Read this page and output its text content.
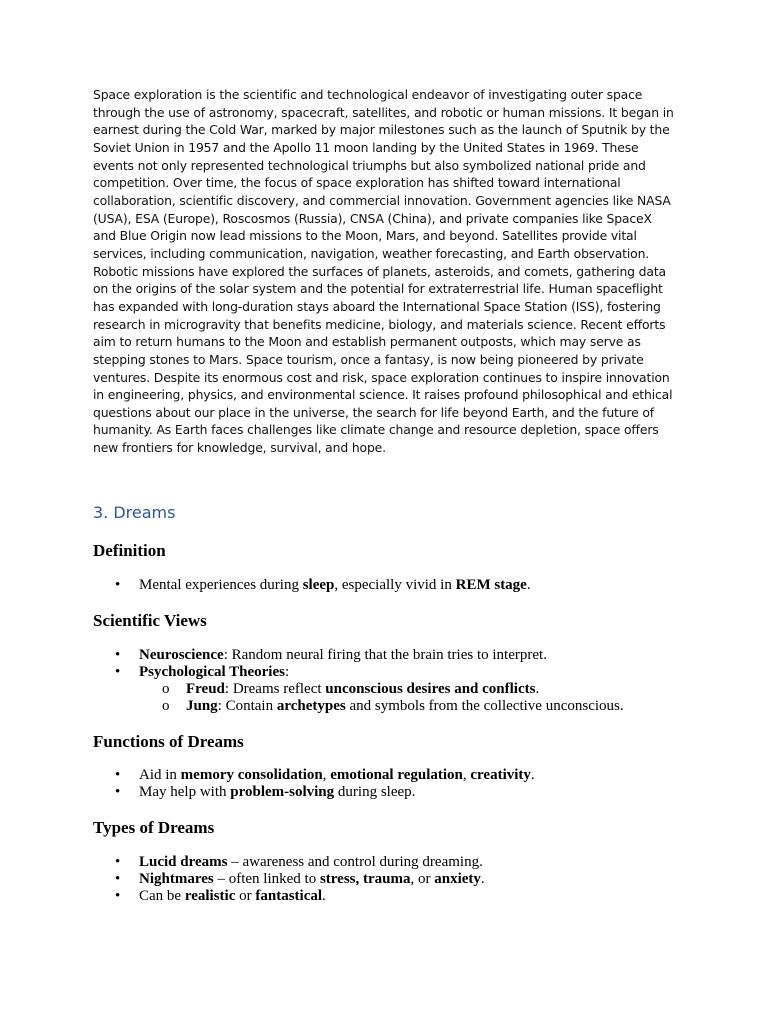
Space exploration is the scientific and technological endeavor of investigating outer space through the use of astronomy, spacecraft, satellites, and robotic or human missions. It began in earnest during the Cold War, marked by major milestones such as the launch of Sputnik by the Soviet Union in 1957 and the Apollo 11 moon landing by the United States in 1969. These events not only represented technological triumphs but also symbolized national pride and competition. Over time, the focus of space exploration has shifted toward international collaboration, scientific discovery, and commercial innovation. Government agencies like NASA (USA), ESA (Europe), Roscosmos (Russia), CNSA (China), and private companies like SpaceX and Blue Origin now lead missions to the Moon, Mars, and beyond. Satellites provide vital services, including communication, navigation, weather forecasting, and Earth observation. Robotic missions have explored the surfaces of planets, asteroids, and comets, gathering data on the origins of the solar system and the potential for extraterrestrial life. Human spaceflight has expanded with long-duration stays aboard the International Space Station (ISS), fostering research in microgravity that benefits medicine, biology, and materials science. Recent efforts aim to return humans to the Moon and establish permanent outposts, which may serve as stepping stones to Mars. Space tourism, once a fantasy, is now being pioneered by private ventures. Despite its enormous cost and risk, space exploration continues to inspire innovation in engineering, physics, and environmental science. It raises profound philosophical and ethical questions about our place in the universe, the search for life beyond Earth, and the future of humanity. As Earth faces challenges like climate change and resource depletion, space offers new frontiers for knowledge, survival, and hope.

3. Dreams
Definition
• Mental experiences during sleep, especially vivid in REM stage.
Scientific Views
• Neuroscience: Random neural firing that the brain tries to interpret.
• Psychological Theories:
o Freud: Dreams reflect unconscious desires and conflicts.
o Jung: Contain archetypes and symbols from the collective unconscious.
Functions of Dreams
• Aid in memory consolidation, emotional regulation, creativity.
• May help with problem-solving during sleep.
Types of Dreams
• Lucid dreams – awareness and control during dreaming.
• Nightmares – often linked to stress, trauma, or anxiety.
• Can be realistic or fantastical.
